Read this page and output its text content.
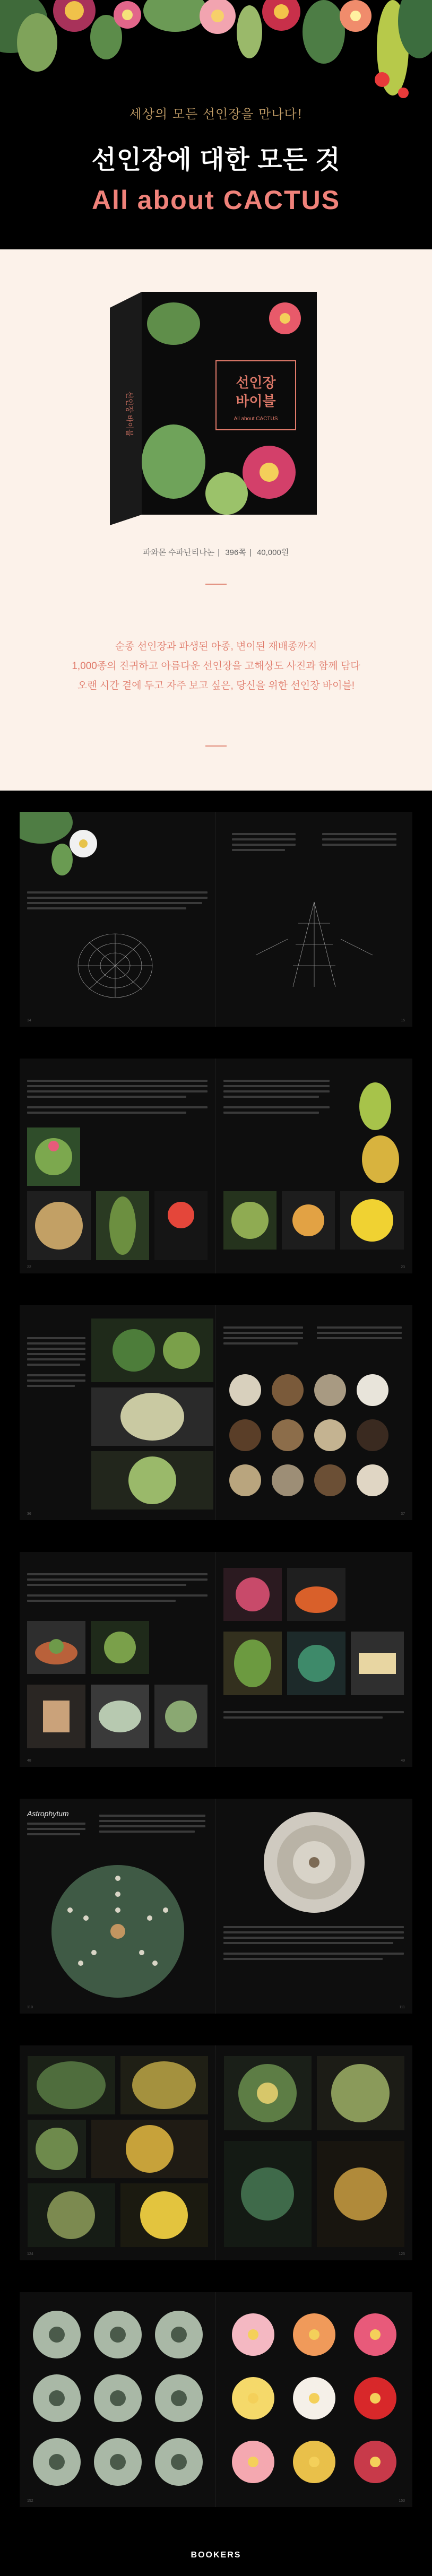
세상의 모든 선인장을 만나다!
선인장에 대한 모든 것
All about CACTUS
선인장 바이블
선인장
바이블
All about CACTUS
파와몬 수파난티나논 | 396쪽 | 40,000원
순종 선인장과 파생된 아종, 변이된 재배종까지
1,000종의 진귀하고 아름다운 선인장을 고해상도 사진과 함께 담다
오랜 시간 곁에 두고 자주 보고 싶은, 당신을 위한 선인장 바이블!
14	15
22	23
36	37
48	49
Astrophytum
110	111
124	125
152	153
BOOKERS
